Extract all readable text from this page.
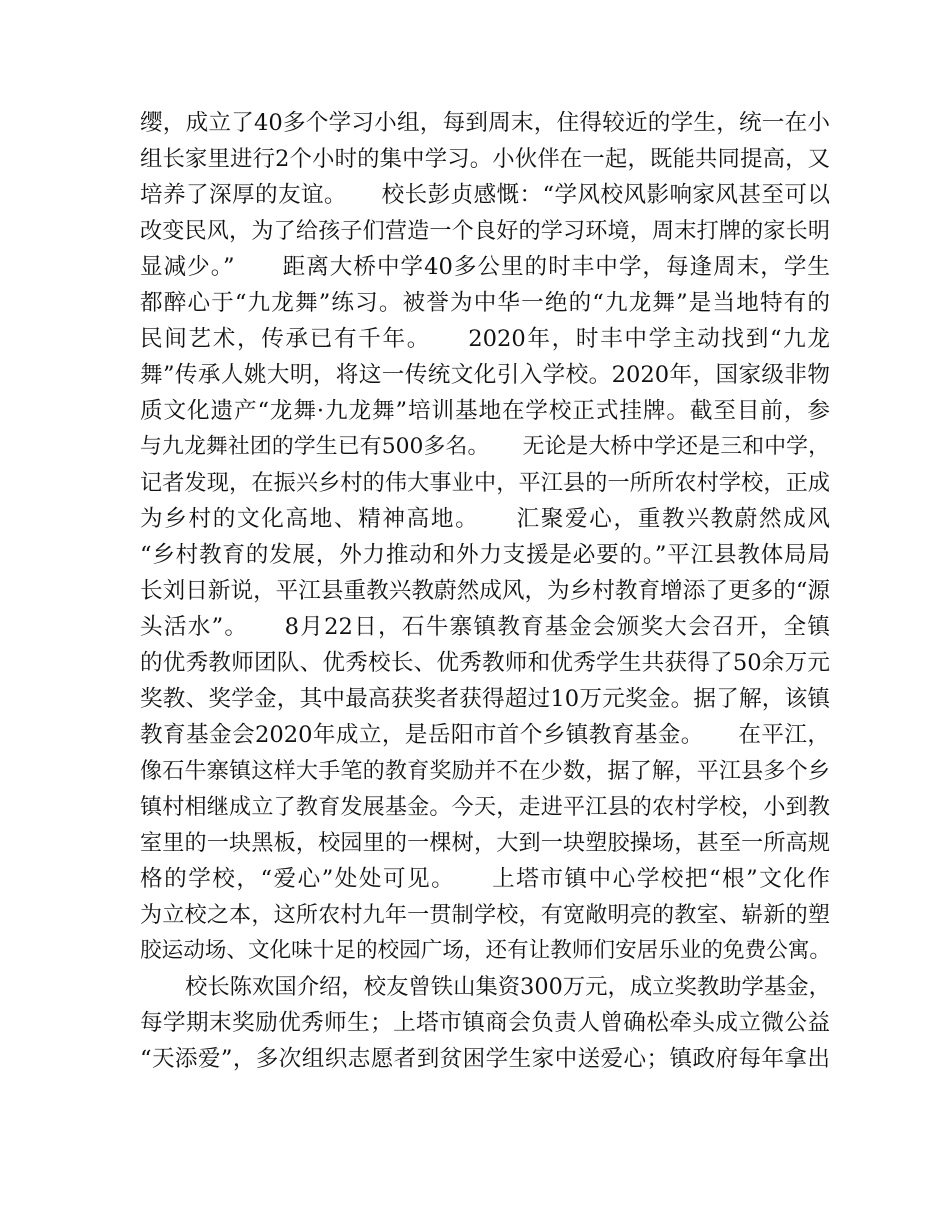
缨，成立了40多个学习小组，每到周末，住得较近的学生，统一在小
组长家里进行2个小时的集中学习。小伙伴在一起，既能共同提高，又
培养了深厚的友谊。　　校长彭贞感慨：“学风校风影响家风甚至可以
改变民风，为了给孩子们营造一个良好的学习环境，周末打牌的家长明
显减少。”　　距离大桥中学40多公里的时丰中学，每逢周末，学生
都醉心于“九龙舞”练习。被誉为中华一绝的“九龙舞”是当地特有的
民间艺术，传承已有千年。　　2020年，时丰中学主动找到“九龙
舞”传承人姚大明，将这一传统文化引入学校。2020年，国家级非物
质文化遗产“龙舞·九龙舞”培训基地在学校正式挂牌。截至目前，参
与九龙舞社团的学生已有500多名。　　无论是大桥中学还是三和中学，
记者发现，在振兴乡村的伟大事业中，平江县的一所所农村学校，正成
为乡村的文化高地、精神高地。　　汇聚爱心，重教兴教蔚然成风
“乡村教育的发展，外力推动和外力支援是必要的。”平江县教体局局
长刘日新说，平江县重教兴教蔚然成风，为乡村教育增添了更多的“源
头活水”。　　8月22日，石牛寨镇教育基金会颁奖大会召开，全镇
的优秀教师团队、优秀校长、优秀教师和优秀学生共获得了50余万元
奖教、奖学金，其中最高获奖者获得超过10万元奖金。据了解，该镇
教育基金会2020年成立，是岳阳市首个乡镇教育基金。　　在平江，
像石牛寨镇这样大手笔的教育奖励并不在少数，据了解，平江县多个乡
镇村相继成立了教育发展基金。今天，走进平江县的农村学校，小到教
室里的一块黑板，校园里的一棵树，大到一块塑胶操场，甚至一所高规
格的学校，“爱心”处处可见。　　上塔市镇中心学校把“根”文化作
为立校之本，这所农村九年一贯制学校，有宽敞明亮的教室、崭新的塑
胶运动场、文化味十足的校园广场，还有让教师们安居乐业的免费公寓。
校长陈欢国介绍，校友曾铁山集资300万元，成立奖教助学基金，
每学期末奖励优秀师生；上塔市镇商会负责人曾确松牵头成立微公益
“天添爱”，多次组织志愿者到贫困学生家中送爱心；镇政府每年拿出
